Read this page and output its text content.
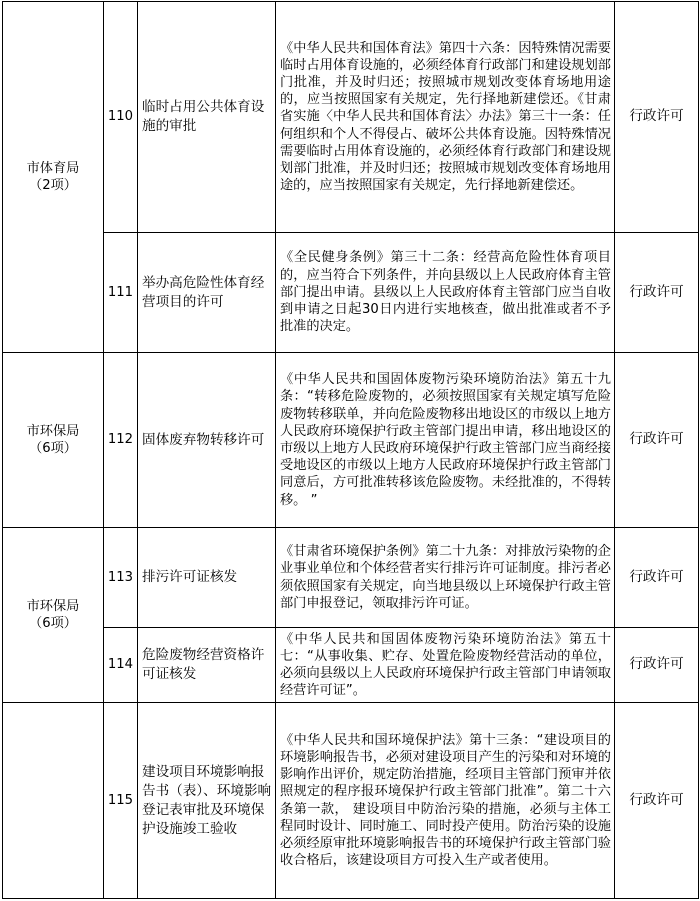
市体育局
（2项）	110	临时占用公共体育设施的审批	《中华人民共和国体育法》第四十六条：因特殊情况需要临时占用体育设施的，必须经体育行政部门和建设规划部门批准，并及时归还；按照城市规划改变体育场地用途的，应当按照国家有关规定，先行择地新建偿还。《甘肃省实施〈中华人民共和国体育法〉办法》第三十一条：任何组织和个人不得侵占、破坏公共体育设施。因特殊情况需要临时占用体育设施的，必须经体育行政部门和建设规划部门批准，并及时归还；按照城市规划改变体育场地用途的，应当按照国家有关规定，先行择地新建偿还。	行政许可
	111	举办高危险性体育经营项目的许可	《全民健身条例》第三十二条：经营高危险性体育项目的，应当符合下列条件，并向县级以上人民政府体育主管部门提出申请。县级以上人民政府体育主管部门应当自收到申请之日起30日内进行实地核查，做出批准或者不予批准的决定。	行政许可
市环保局
（6项）	112	固体废弃物转移许可	《中华人民共和国固体废物污染环境防治法》第五十九条：“转移危险废物的，必须按照国家有关规定填写危险废物转移联单，并向危险废物移出地设区的市级以上地方人民政府环境保护行政主管部门提出申请，移出地设区的市级以上地方人民政府环境保护行政主管部门应当商经接受地设区的市级以上地方人民政府环境保护行政主管部门同意后，方可批准转移该危险废物。未经批准的，不得转移。 ”	行政许可
市环保局
（6项）	113	排污许可证核发	《甘肃省环境保护条例》第二十九条：对排放污染物的企业事业单位和个体经营者实行排污许可证制度。排污者必须依照国家有关规定，向当地县级以上环境保护行政主管部门申报登记，领取排污许可证。	行政许可
	114	危险废物经营资格许可证核发	《中华人民共和国固体废物污染环境防治法》第五十七：“从事收集、贮存、处置危险废物经营活动的单位，必须向县级以上人民政府环境保护行政主管部门申请领取经营许可证”。	行政许可
	115	建设项目环境影响报告书（表）、环境影响登记表审批及环境保护设施竣工验收	《中华人民共和国环境保护法》第十三条：“建设项目的环境影响报告书，必须对建设项目产生的污染和对环境的影响作出评价，规定防治措施，经项目主管部门预审并依照规定的程序报环境保护行政主管部门批准”。第二十六条第一款， 建设项目中防治污染的措施，必须与主体工程同时设计、同时施工、同时投产使用。防治污染的设施必须经原审批环境影响报告书的环境保护行政主管部门验收合格后，该建设项目方可投入生产或者使用。	行政许可
